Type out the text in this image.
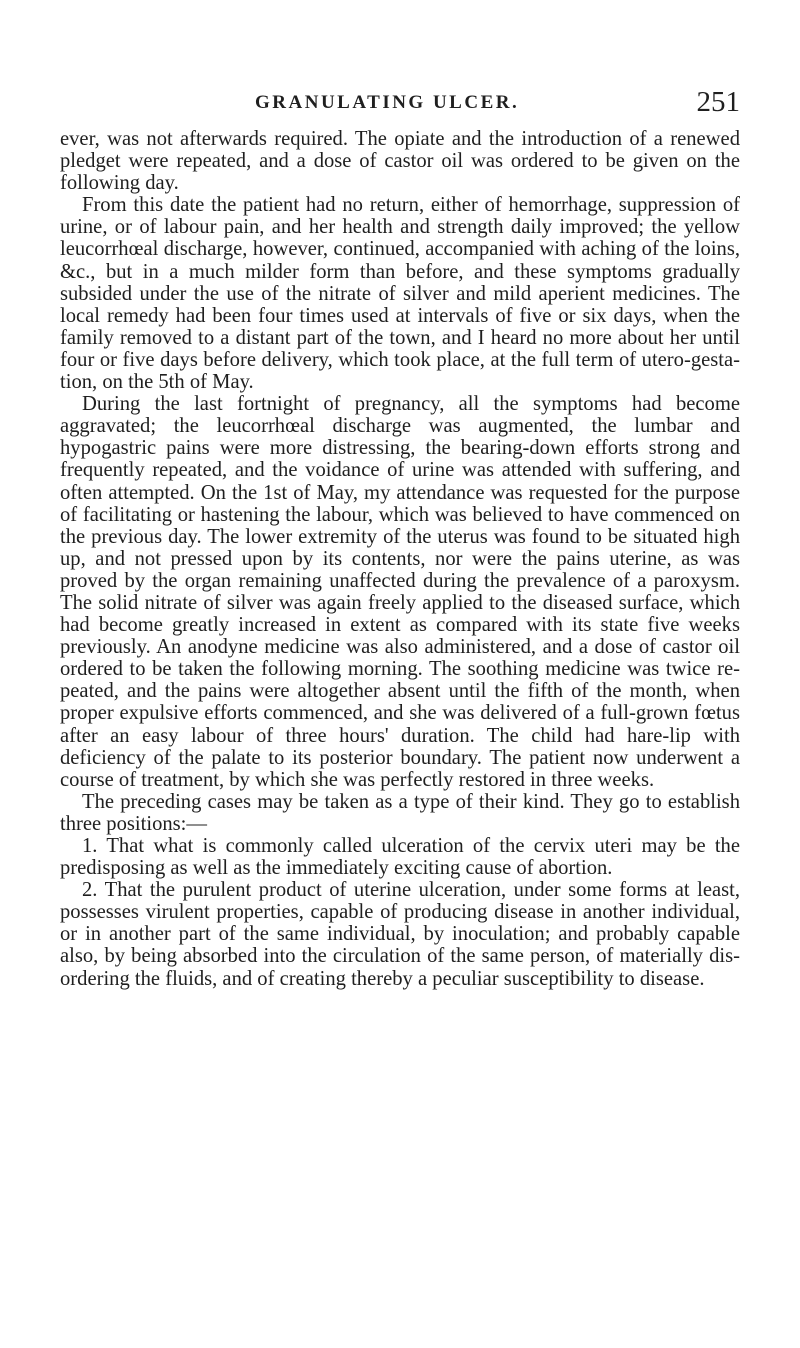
GRANULATING ULCER.	251

ever, was not afterwards required. The opiate and the introduction of a renewed pledget were repeated, and a dose of castor oil was ordered to be given on the following day.

From this date the patient had no return, either of hemorrhage, suppression of urine, or of labour pain, and her health and strength daily improved; the yellow leucorrhœal discharge, however, continued, accompanied with aching of the loins, &c., but in a much milder form than before, and these symptoms gradually subsided under the use of the nitrate of silver and mild aperient medicines. The local remedy had been four times used at intervals of five or six days, when the family removed to a distant part of the town, and I heard no more about her until four or five days before delivery, which took place, at the full term of utero-gestation, on the 5th of May.

During the last fortnight of pregnancy, all the symptoms had become aggravated; the leucorrhœal discharge was augmented, the lumbar and hypogastric pains were more distressing, the bearing-down efforts strong and frequently repeated, and the voidance of urine was attended with suffering, and often attempted. On the 1st of May, my attendance was requested for the purpose of facilitating or hastening the labour, which was believed to have commenced on the previous day. The lower extremity of the uterus was found to be situated high up, and not pressed upon by its contents, nor were the pains uterine, as was proved by the organ remaining unaffected during the prevalence of a paroxysm. The solid nitrate of silver was again freely applied to the diseased surface, which had become greatly increased in extent as compared with its state five weeks previously. An anodyne medicine was also administered, and a dose of castor oil ordered to be taken the following morning. The soothing medicine was twice repeated, and the pains were altogether absent until the fifth of the month, when proper expulsive efforts commenced, and she was delivered of a full-grown fœtus after an easy labour of three hours' duration. The child had hare-lip with deficiency of the palate to its posterior boundary. The patient now underwent a course of treatment, by which she was perfectly restored in three weeks.

The preceding cases may be taken as a type of their kind. They go to establish three positions:—

1. That what is commonly called ulceration of the cervix uteri may be the predisposing as well as the immediately exciting cause of abortion.

2. That the purulent product of uterine ulceration, under some forms at least, possesses virulent properties, capable of producing disease in another individual, or in another part of the same individual, by inoculation; and probably capable also, by being absorbed into the circulation of the same person, of materially disordering the fluids, and of creating thereby a peculiar susceptibility to disease.
